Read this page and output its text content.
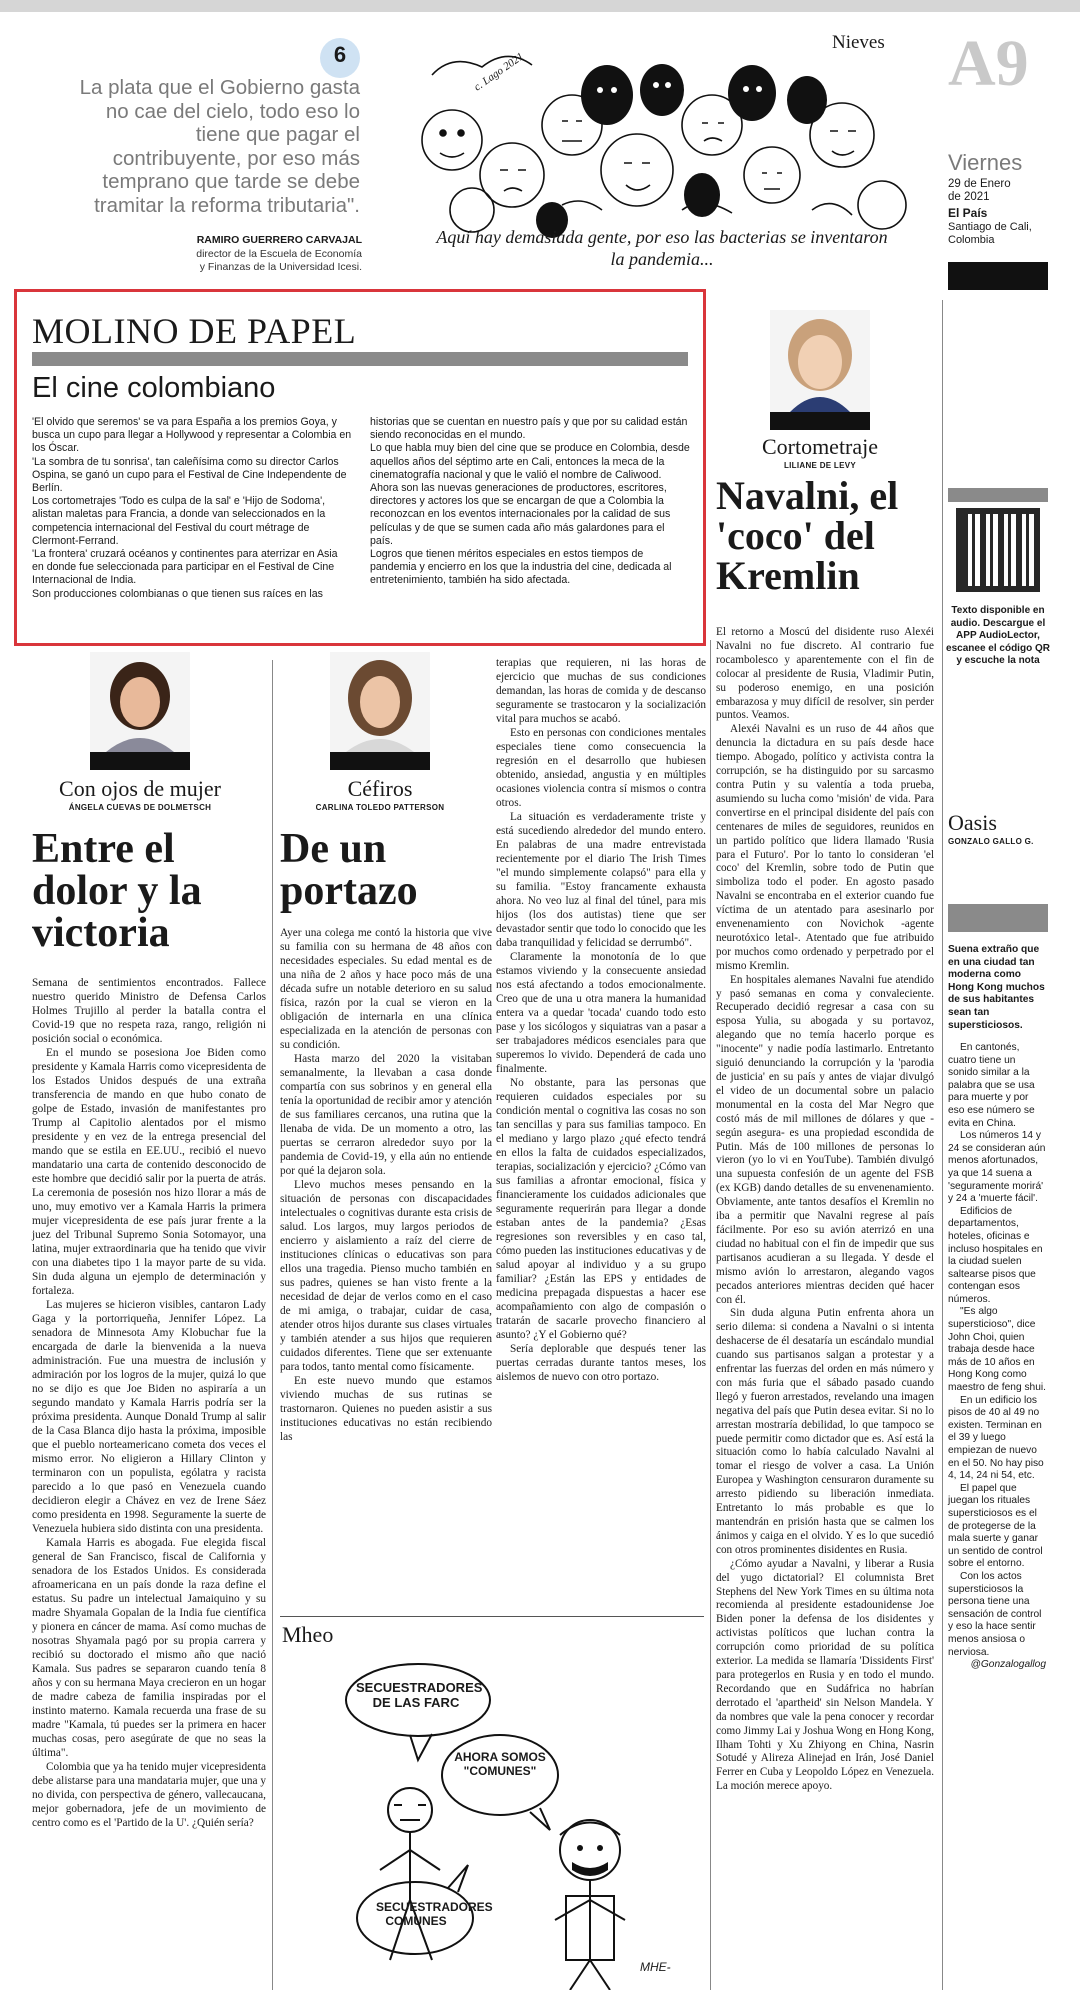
6
La plata que el Gobierno gasta no cae del cielo, todo eso lo tiene que pagar el contribuyente, por eso más temprano que tarde se debe tramitar la reforma tributaria".
RAMIRO GUERRERO CARVAJAL
director de la Escuela de Economía
y Finanzas de la Universidad Icesi.
Nieves
c. Lago 2021
Aquí hay demasiada gente, por eso las bacterias se inventaron la pandemia...
A9
Viernes
29 de Enero
de 2021
El País
Santiago de Cali,
Colombia
MOLINO DE PAPEL
El cine colombiano
'El olvido que seremos' se va para España a los premios Goya, y busca un cupo para llegar a Hollywood y representar a Colombia en los Óscar.
'La sombra de tu sonrisa', tan caleñísima como su director Carlos Ospina, se ganó un cupo para el Festival de Cine Independente de Berlín.
Los cortometrajes 'Todo es culpa de la sal' e 'Hijo de Sodoma', alistan maletas para Francia, a donde van seleccionados en la competencia internacional del Festival du court métrage de Clermont-Ferrand.
'La frontera' cruzará océanos y continentes para aterrizar en Asia en donde fue seleccionada para participar en el Festival de Cine Internacional de India.
Son producciones colombianas o que tienen sus raíces en las
historias que se cuentan en nuestro país y que por su calidad están siendo reconocidas en el mundo.
Lo que habla muy bien del cine que se produce en Colombia, desde aquellos años del séptimo arte en Cali, entonces la meca de la cinematografía nacional y que le valió el nombre de Caliwood.
Ahora son las nuevas generaciones de productores, escritores, directores y actores los que se encargan de que a Colombia la reconozcan en los eventos internacionales por la calidad de sus películas y de que se sumen cada año más galardones para el país.
Logros que tienen méritos especiales en estos tiempos de pandemia y encierro en los que la industria del cine, dedicada al entretenimiento, también ha sido afectada.
Cortometraje
LILIANE DE LEVY
Navalni, el 'coco' del Kremlin

El retorno a Moscú del disidente ruso Alexéi Navalni no fue discreto. Al contrario fue rocambolesco y aparentemente con el fin de colocar al presidente de Rusia, Vladimir Putin, su poderoso enemigo, en una posición embarazosa y muy difícil de resolver, sin perder puntos. Veamos.

Alexéi Navalni es un ruso de 44 años que denuncia la dictadura en su país desde hace tiempo. Abogado, político y activista contra la corrupción, se ha distinguido por su sarcasmo contra Putin y su valentía a toda prueba, asumiendo su lucha como 'misión' de vida. Para convertirse en el principal disidente del país con centenares de miles de seguidores, reunidos en un partido político que lidera llamado 'Rusia para el Futuro'. Por lo tanto lo consideran 'el coco' del Kremlin, sobre todo de Putin que simboliza todo el poder. En agosto pasado Navalni se encontraba en el exterior cuando fue víctima de un atentado para asesinarlo por envenenamiento con Novichok -agente neurotóxico letal-. Atentado que fue atribuido por muchos como ordenado y perpetrado por el mismo Kremlin.

En hospitales alemanes Navalni fue atendido y pasó semanas en coma y convaleciente. Recuperado decidió regresar a casa con su esposa Yulia, su abogada y su portavoz, alegando que no temía hacerlo porque es "inocente" y nadie podía lastimarlo. Entretanto siguió denunciando la corrupción y la 'parodia de justicia' en su país y antes de viajar divulgó el video de un documental sobre un palacio monumental en la costa del Mar Negro que costó más de mil millones de dólares y que -según asegura- es una propiedad escondida de Putin. Más de 100 millones de personas lo vieron (yo lo vi en YouTube). También divulgó una supuesta confesión de un agente del FSB (ex KGB) dando detalles de su envenenamiento. Obviamente, ante tantos desafíos el Kremlin no iba a permitir que Navalni regrese al país fácilmente. Por eso su avión aterrizó en una ciudad no habitual con el fin de impedir que sus partisanos acudieran a su llegada. Y desde el mismo avión lo arrestaron, alegando vagos pecados anteriores mientras deciden qué hacer con él.

Sin duda alguna Putin enfrenta ahora un serio dilema: si condena a Navalni o si intenta deshacerse de él desataría un escándalo mundial cuando sus partisanos salgan a protestar y a enfrentar las fuerzas del orden en más número y con más furia que el sábado pasado cuando llegó y fueron arrestados, revelando una imagen negativa del país que Putin desea evitar. Si no lo arrestan mostraría debilidad, lo que tampoco se puede permitir como dictador que es. Así está la situación como lo había calculado Navalni al tomar el riesgo de volver a casa. La Unión Europea y Washington censuraron duramente su arresto pidiendo su liberación inmediata. Entretanto lo más probable es que lo mantendrán en prisión hasta que se calmen los ánimos y caiga en el olvido. Y es lo que sucedió con otros prominentes disidentes en Rusia.

¿Cómo ayudar a Navalni, y liberar a Rusia del yugo dictatorial? El columnista Bret Stephens del New York Times en su última nota recomienda al presidente estadounidense Joe Biden poner la defensa de los disidentes y activistas políticos que luchan contra la corrupción como prioridad de su política exterior. La medida se llamaría 'Dissidents First' para protegerlos en Rusia y en todo el mundo. Recordando que en Sudáfrica no habrían derrotado el 'apartheid' sin Nelson Mandela. Y da nombres que vale la pena conocer y recordar como Jimmy Lai y Joshua Wong en Hong Kong, Ilham Tohti y Xu Zhiyong en China, Nasrin Sotudé y Alireza Alinejad en Irán, José Daniel Ferrer en Cuba y Leopoldo López en Venezuela. La moción merece apoyo.

Texto disponible en audio. Descargue el APP AudioLector, escanee el código QR y escuche la nota
Oasis
GONZALO GALLO G.
Suena extraño que en una ciudad tan moderna como Hong Kong muchos de sus habitantes sean tan supersticiosos.
En cantonés, cuatro tiene un sonido similar a la palabra que se usa para muerte y por eso ese número se evita en China.
Los números 14 y 24 se consideran aún menos afortunados, ya que 14 suena a 'seguramente morirá' y 24 a 'muerte fácil'.
Edificios de departamentos, hoteles, oficinas e incluso hospitales en la ciudad suelen saltearse pisos que contengan esos números.
"Es algo supersticioso", dice John Choi, quien trabaja desde hace más de 10 años en Hong Kong como maestro de feng shui.
En un edificio los pisos de 40 al 49 no existen. Terminan en el 39 y luego empiezan de nuevo en el 50. No hay piso 4, 14, 24 ni 54, etc.
El papel que juegan los rituales supersticiosos es el de protegerse de la mala suerte y ganar un sentido de control sobre el entorno.
Con los actos supersticiosos la persona tiene una sensación de control y eso la hace sentir menos ansiosa o nerviosa.
@Gonzalogallog
Con ojos de mujer
ÁNGELA CUEVAS DE DOLMETSCH
Entre el dolor y la victoria

Semana de sentimientos encontrados. Fallece nuestro querido Ministro de Defensa Carlos Holmes Trujillo al perder la batalla contra el Covid-19 que no respeta raza, rango, religión ni posición social o económica.

En el mundo se posesiona Joe Biden como presidente y Kamala Harris como vicepresidenta de los Estados Unidos después de una extraña transferencia de mando en que hubo conato de golpe de Estado, invasión de manifestantes pro Trump al Capitolio alentados por el mismo presidente y en vez de la entrega presencial del mando que se estila en EE.UU., recibió el nuevo mandatario una carta de contenido desconocido de este hombre que decidió salir por la puerta de atrás. La ceremonia de posesión nos hizo llorar a más de uno, muy emotivo ver a Kamala Harris la primera mujer vicepresidenta de ese país jurar frente a la juez del Tribunal Supremo Sonia Sotomayor, una latina, mujer extraordinaria que ha tenido que vivir con una diabetes tipo 1 la mayor parte de su vida. Sin duda alguna un ejemplo de determinación y fortaleza.

Las mujeres se hicieron visibles, cantaron Lady Gaga y la portorriqueña, Jennifer López. La senadora de Minnesota Amy Klobuchar fue la encargada de darle la bienvenida a la nueva administración. Fue una muestra de inclusión y admiración por los logros de la mujer, quizá lo que no se dijo es que Joe Biden no aspiraría a un segundo mandato y Kamala Harris podría ser la próxima presidenta. Aunque Donald Trump al salir de la Casa Blanca dijo hasta la próxima, imposible que el pueblo norteamericano cometa dos veces el mismo error. No eligieron a Hillary Clinton y terminaron con un populista, ególatra y racista parecido a lo que pasó en Venezuela cuando decidieron elegir a Chávez en vez de Irene Sáez como presidenta en 1998. Seguramente la suerte de Venezuela hubiera sido distinta con una presidenta.

Kamala Harris es abogada. Fue elegida fiscal general de San Francisco, fiscal de California y senadora de los Estados Unidos. Es considerada afroamericana en un país donde la raza define el estatus. Su padre un intelectual Jamaiquino y su madre Shyamala Gopalan de la India fue científica y pionera en cáncer de mama. Así como muchas de nosotras Shyamala pagó por su propia carrera y recibió su doctorado el mismo año que nació Kamala. Sus padres se separaron cuando tenía 8 años y con su hermana Maya crecieron en un hogar de madre cabeza de familia inspiradas por el instinto materno. Kamala recuerda una frase de su madre "Kamala, tú puedes ser la primera en hacer muchas cosas, pero asegúrate de que no seas la última".

Colombia que ya ha tenido mujer vicepresidenta debe alistarse para una mandataria mujer, que una y no divida, con perspectiva de género, vallecaucana, mejor gobernadora, jefe de un movimiento de centro como es el 'Partido de la U'. ¿Quién sería?

Céfiros
CARLINA TOLEDO PATTERSON
De un portazo

Ayer una colega me contó la historia que vive su familia con su hermana de 48 años con necesidades especiales. Su edad mental es de una niña de 2 años y hace poco más de una década sufre un notable deterioro en su salud física, razón por la cual se vieron en la obligación de internarla en una clínica especializada en la atención de personas con su condición.

Hasta marzo del 2020 la visitaban semanalmente, la llevaban a casa donde compartía con sus sobrinos y en general ella tenía la oportunidad de recibir amor y atención de sus familiares cercanos, una rutina que la llenaba de vida. De un momento a otro, las puertas se cerraron alrededor suyo por la pandemia de Covid-19, y ella aún no entiende por qué la dejaron sola.

Llevo muchos meses pensando en la situación de personas con discapacidades intelectuales o cognitivas durante esta crisis de salud. Los largos, muy largos periodos de encierro y aislamiento a raíz del cierre de instituciones clínicas o educativas son para ellos una tragedia. Pienso mucho también en sus padres, quienes se han visto frente a la necesidad de dejar de verlos como en el caso de mi amiga, o trabajar, cuidar de casa, atender otros hijos durante sus clases virtuales y también atender a sus hijos que requieren cuidados diferentes. Tiene que ser extenuante para todos, tanto mental como físicamente.

En este nuevo mundo que estamos viviendo muchas de sus rutinas se trastornaron. Quienes no pueden asistir a sus instituciones educativas no están recibiendo las

terapias que requieren, ni las horas de ejercicio que muchas de sus condiciones demandan, las horas de comida y de descanso seguramente se trastocaron y la socialización vital para muchos se acabó.

Esto en personas con condiciones mentales especiales tiene como consecuencia la regresión en el desarrollo que hubiesen obtenido, ansiedad, angustia y en múltiples ocasiones violencia contra sí mismos o contra otros.

La situación es verdaderamente triste y está sucediendo alrededor del mundo entero. En palabras de una madre entrevistada recientemente por el diario The Irish Times "el mundo simplemente colapsó" para ella y su familia. "Estoy francamente exhausta ahora. No veo luz al final del túnel, para mis hijos (los dos autistas) tiene que ser devastador sentir que todo lo conocido que les daba tranquilidad y felicidad se derrumbó".

Claramente la monotonía de lo que estamos viviendo y la consecuente ansiedad nos está afectando a todos emocionalmente. Creo que de una u otra manera la humanidad entera va a quedar 'tocada' cuando todo esto pase y los sicólogos y siquiatras van a pasar a ser trabajadores médicos esenciales para que superemos lo vivido. Dependerá de cada uno finalmente.

No obstante, para las personas que requieren cuidados especiales por su condición mental o cognitiva las cosas no son tan sencillas y para sus familias tampoco. En el mediano y largo plazo ¿qué efecto tendrá en ellos la falta de cuidados especializados, terapias, socialización y ejercicio? ¿Cómo van sus familias a afrontar emocional, física y financieramente los cuidados adicionales que seguramente requerirán para llegar a donde estaban antes de la pandemia? ¿Esas regresiones son reversibles y en caso tal, cómo pueden las instituciones educativas y de salud apoyar al individuo y a su grupo familiar? ¿Están las EPS y entidades de medicina prepagada dispuestas a hacer ese acompañamiento con algo de compasión o tratarán de sacarle provecho financiero al asunto? ¿Y el Gobierno qué?

Sería deplorable que después tener las puertas cerradas durante tantos meses, los aislemos de nuevo con otro portazo.

Mheo
SECUESTRADORES DE LAS FARC
AHORA SOMOS "COMUNES"
SECUESTRADORES COMUNES
MHE-
